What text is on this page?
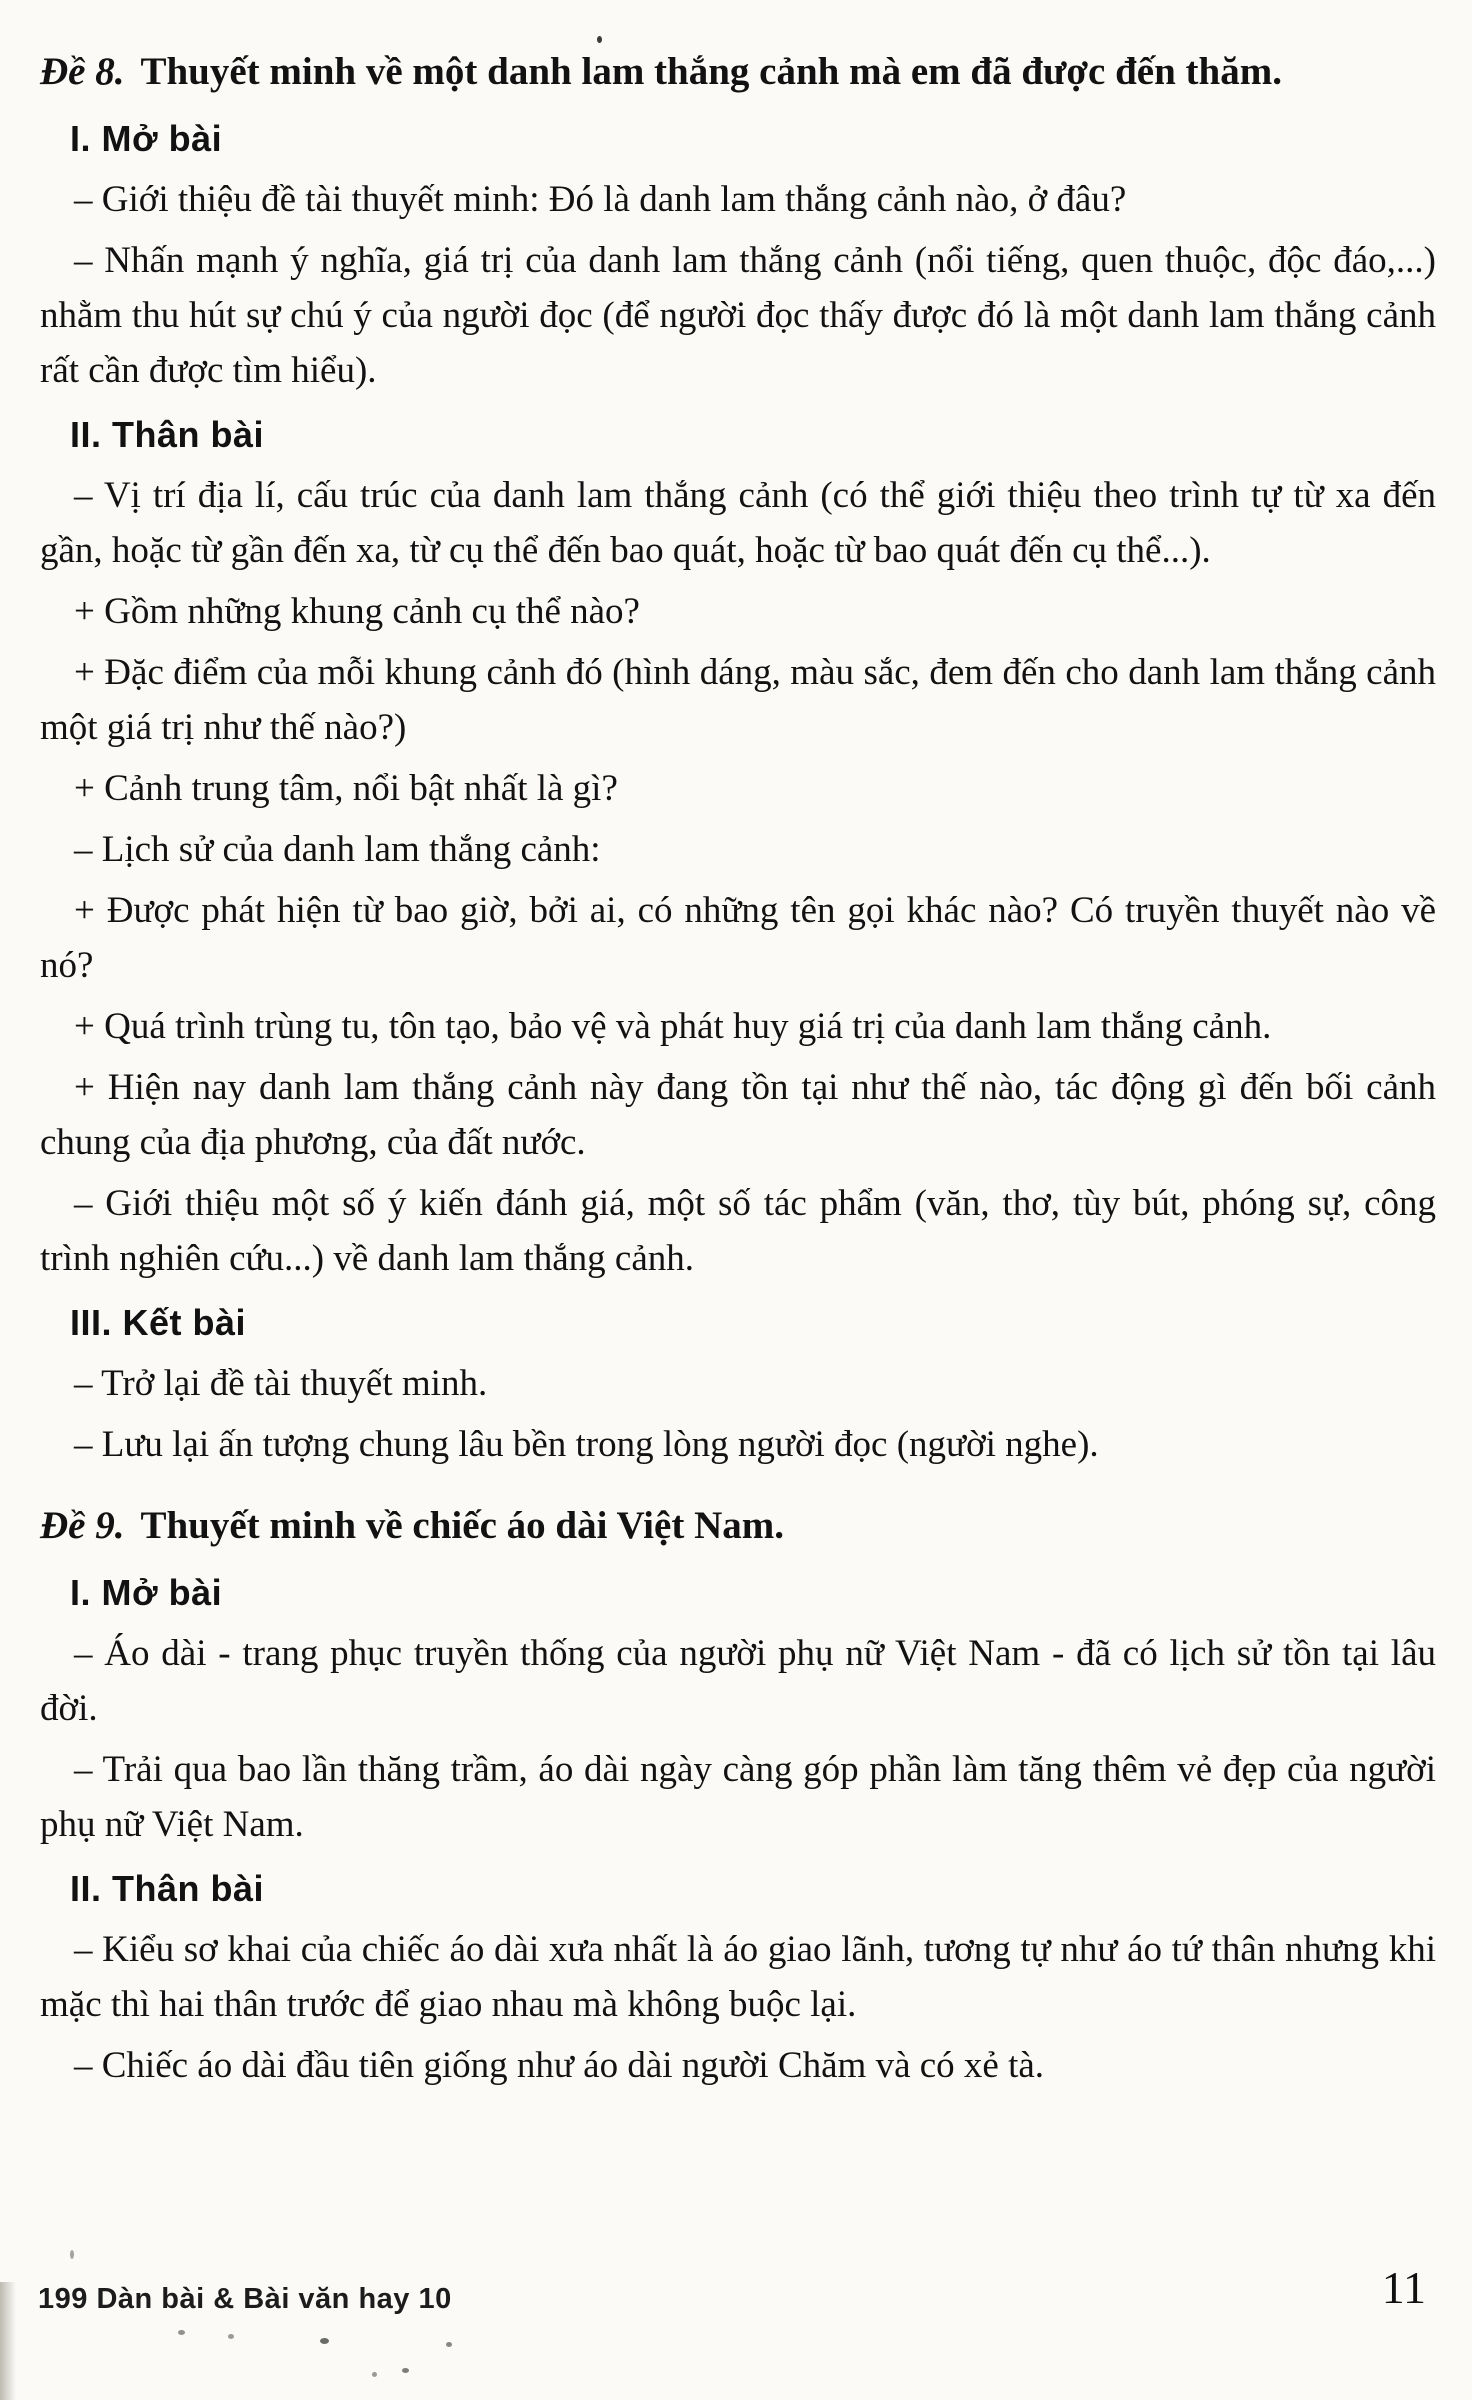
Đề 8. Thuyết minh về một danh lam thắng cảnh mà em đã được đến thăm.

I. Mở bài

– Giới thiệu đề tài thuyết minh: Đó là danh lam thắng cảnh nào, ở đâu?

– Nhấn mạnh ý nghĩa, giá trị của danh lam thắng cảnh (nổi tiếng, quen thuộc, độc đáo,...) nhằm thu hút sự chú ý của người đọc (để người đọc thấy được đó là một danh lam thắng cảnh rất cần được tìm hiểu).

II. Thân bài

– Vị trí địa lí, cấu trúc của danh lam thắng cảnh (có thể giới thiệu theo trình tự từ xa đến gần, hoặc từ gần đến xa, từ cụ thể đến bao quát, hoặc từ bao quát đến cụ thể...).

+ Gồm những khung cảnh cụ thể nào?

+ Đặc điểm của mỗi khung cảnh đó (hình dáng, màu sắc, đem đến cho danh lam thắng cảnh một giá trị như thế nào?)

+ Cảnh trung tâm, nổi bật nhất là gì?

– Lịch sử của danh lam thắng cảnh:

+ Được phát hiện từ bao giờ, bởi ai, có những tên gọi khác nào? Có truyền thuyết nào về nó?

+ Quá trình trùng tu, tôn tạo, bảo vệ và phát huy giá trị của danh lam thắng cảnh.

+ Hiện nay danh lam thắng cảnh này đang tồn tại như thế nào, tác động gì đến bối cảnh chung của địa phương, của đất nước.

– Giới thiệu một số ý kiến đánh giá, một số tác phẩm (văn, thơ, tùy bút, phóng sự, công trình nghiên cứu...) về danh lam thắng cảnh.

III. Kết bài

– Trở lại đề tài thuyết minh.

– Lưu lại ấn tượng chung lâu bền trong lòng người đọc (người nghe).

Đề 9. Thuyết minh về chiếc áo dài Việt Nam.

I. Mở bài

– Áo dài - trang phục truyền thống của người phụ nữ Việt Nam - đã có lịch sử tồn tại lâu đời.

– Trải qua bao lần thăng trầm, áo dài ngày càng góp phần làm tăng thêm vẻ đẹp của người phụ nữ Việt Nam.

II. Thân bài

– Kiểu sơ khai của chiếc áo dài xưa nhất là áo giao lãnh, tương tự như áo tứ thân nhưng khi mặc thì hai thân trước để giao nhau mà không buộc lại.

– Chiếc áo dài đầu tiên giống như áo dài người Chăm và có xẻ tà.

199 Dàn bài & Bài văn hay 10	11
